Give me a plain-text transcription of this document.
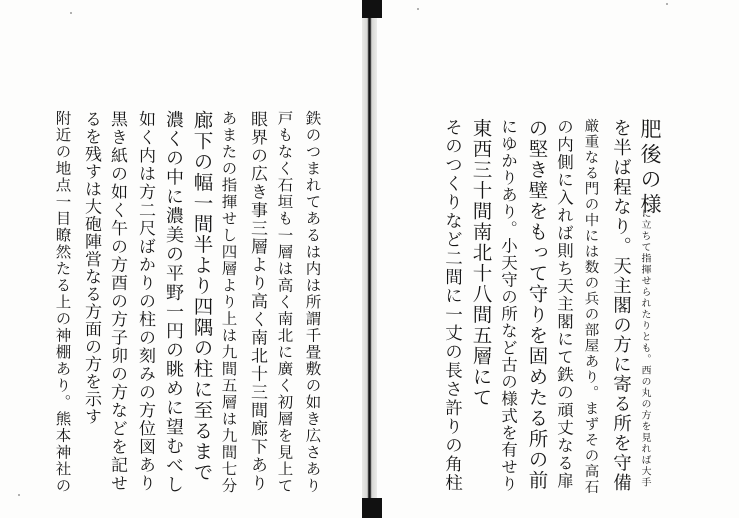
肥後の様
に立ちて指揮せられたりとも。西の丸の方を見れば大手
を半ば程なり。天主閣の方に寄る所を守備
厳重なる門の中には数の兵の部屋あり。まずその高石
の内側に入れば則ち天主閣にて鉄の頑丈なる扉
の堅き壁をもって守りを固めたる所の前
にゆかりあり。小天守の所など古の様式を有せり
東西三十間南北十八間五層にて
そのつくりなど二間に一丈の長さ許りの角柱
鉄のつまれてあるは内は所謂千畳敷の如き広さあり
戸もなく石垣も一層は高く南北に廣く初層を見上て
眼界の広き事三層より高く南北十三間廊下あり
あまたの指揮せし四層より上は九間五層は九間七分
廊下の幅一間半より四隅の柱に至るまで
濃くの中に濃美の平野一円の眺めに望むべし
如く内は方二尺ばかりの柱の刻みの方位図あり
黒き紙の如く午の方酉の方子卯の方などを記せ
るを残すは大砲陣営なる方面の方を示す
附近の地点一目瞭然たる上の神棚あり。熊本神社の
